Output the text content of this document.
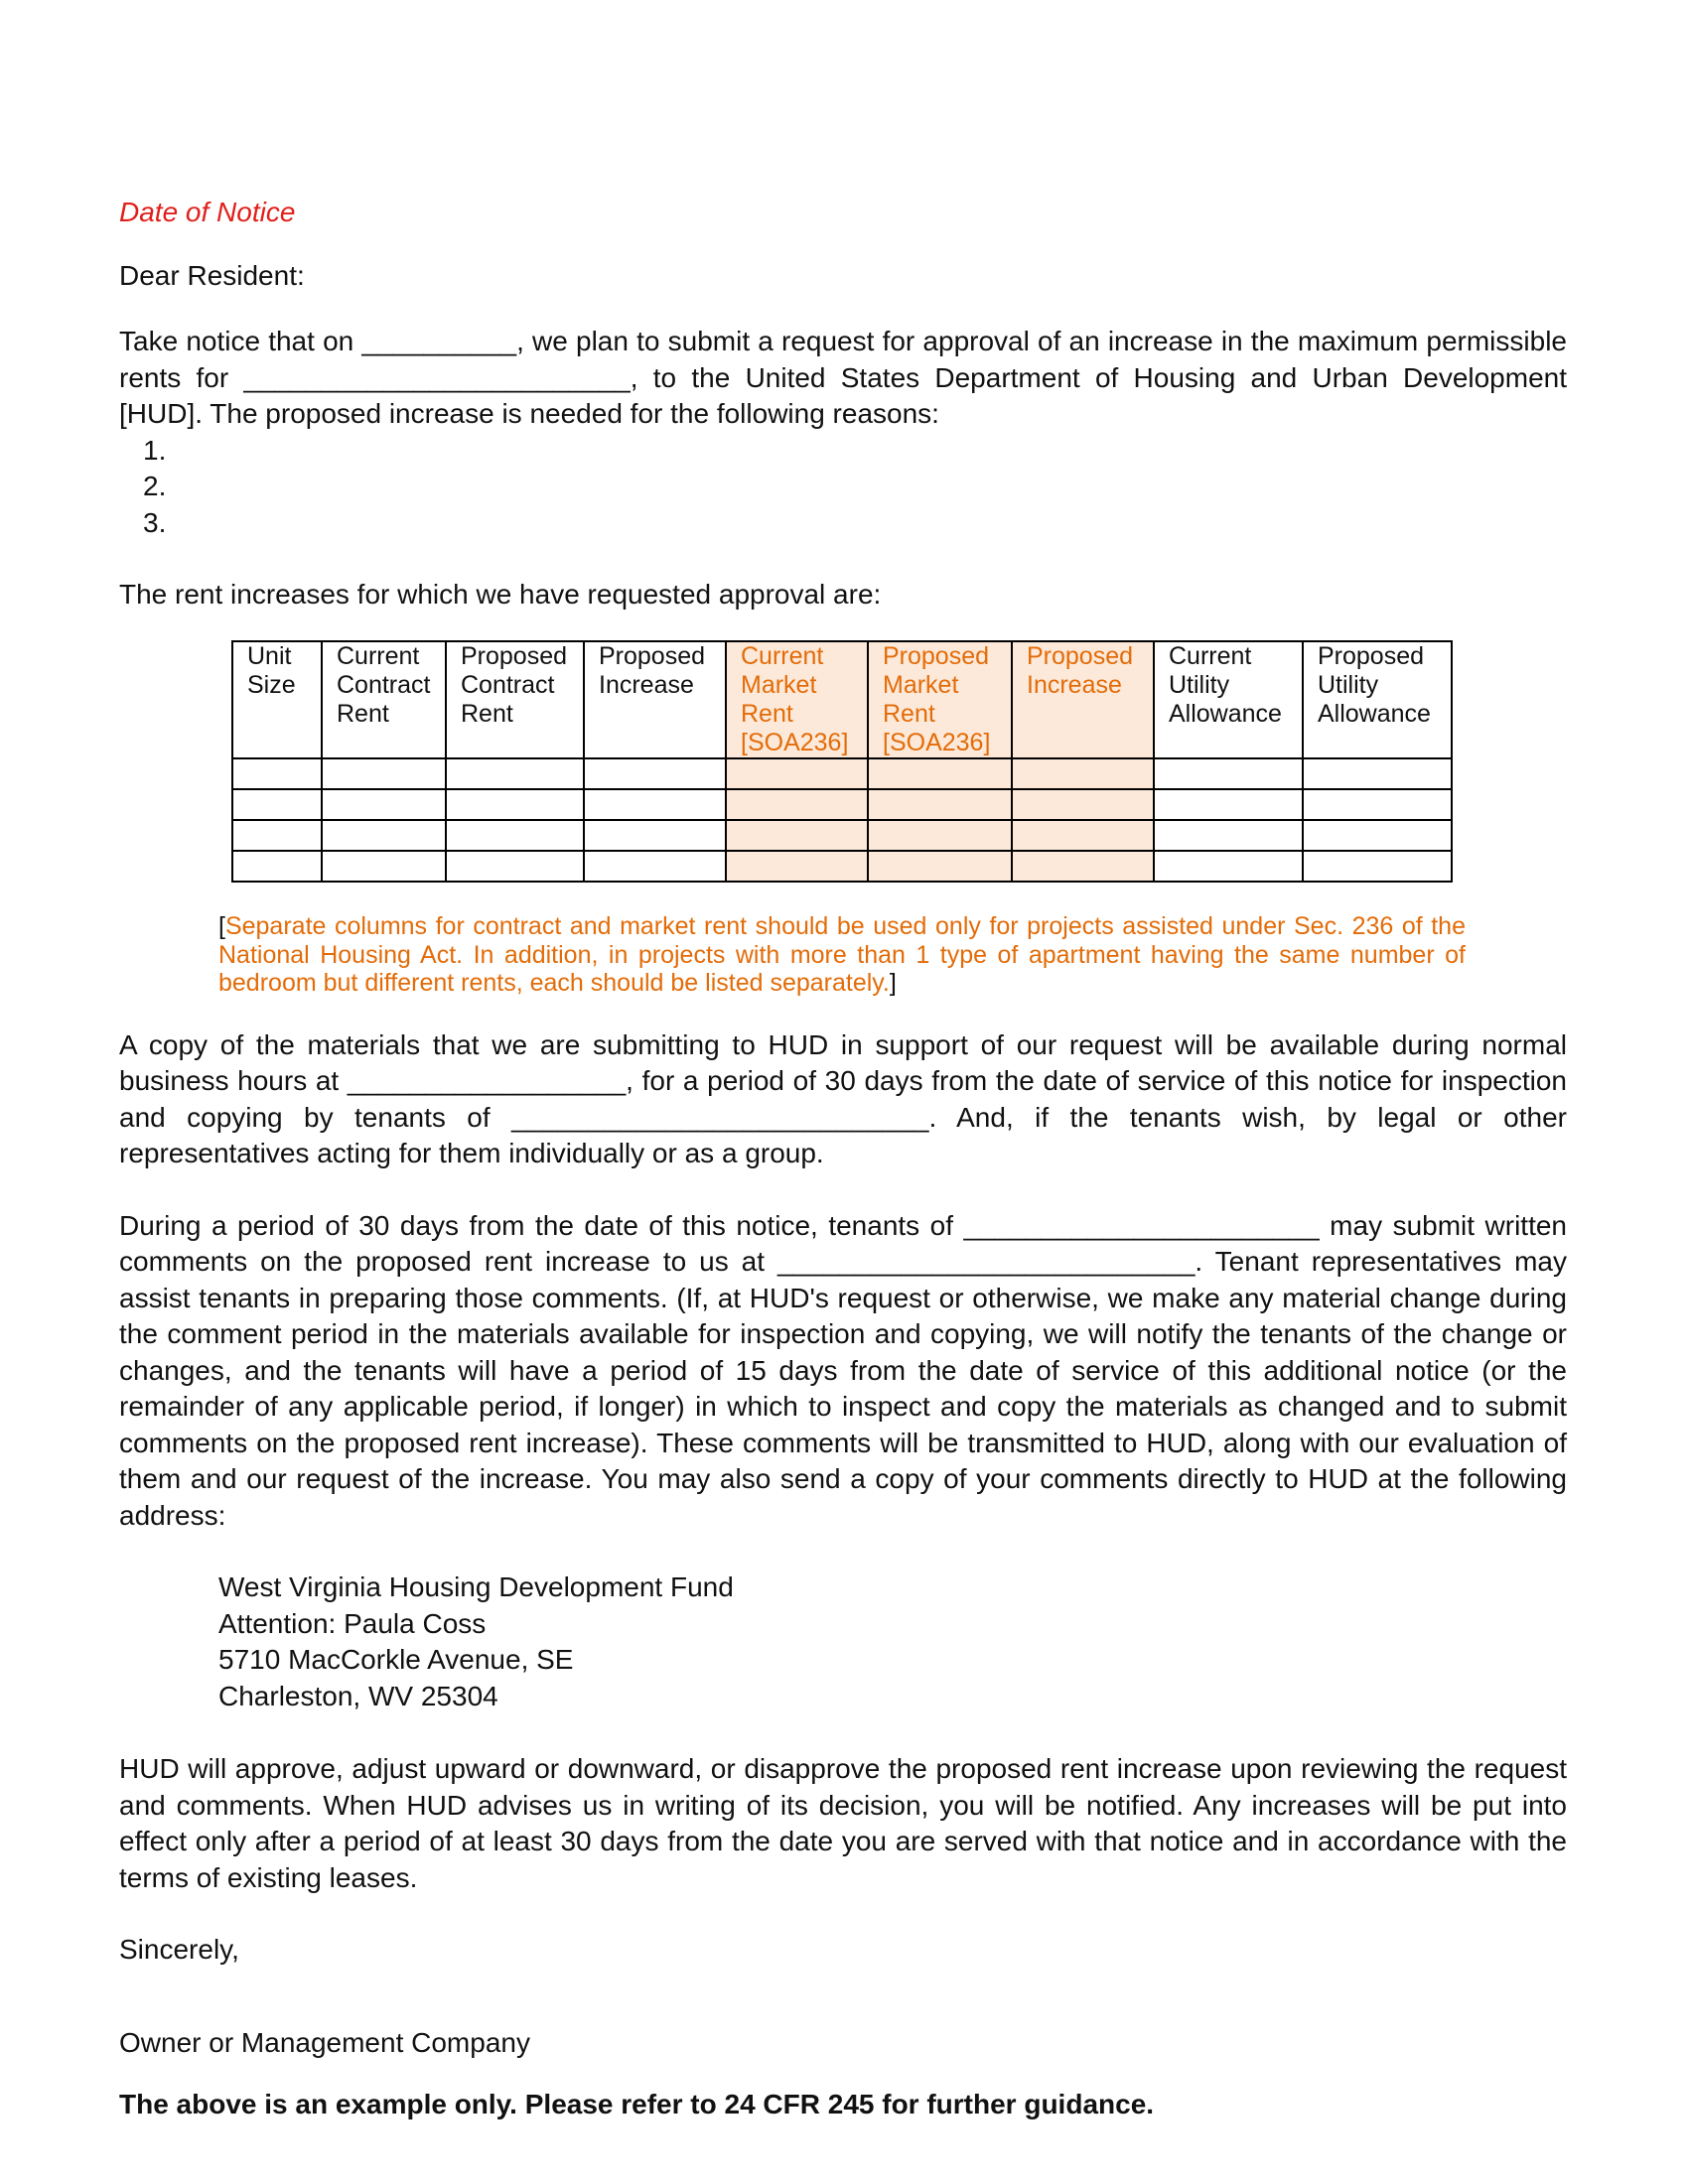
Date of Notice

Dear Resident:

Take notice that on __________, we plan to submit a request for approval of an increase in the maximum permissible rents for _________________________, to the United States Department of Housing and Urban Development [HUD]. The proposed increase is needed for the following reasons:

1.
2.
3.

The rent increases for which we have requested approval are:

Unit Size	Current Contract Rent	Proposed Contract Rent	Proposed Increase	Current Market Rent [SOA236]	Proposed Market Rent [SOA236]	Proposed Increase	Current Utility Allowance	Proposed Utility Allowance

[Separate columns for contract and market rent should be used only for projects assisted under Sec. 236 of the National Housing Act. In addition, in projects with more than 1 type of apartment having the same number of bedroom but different rents, each should be listed separately.]

A copy of the materials that we are submitting to HUD in support of our request will be available during normal business hours at __________________, for a period of 30 days from the date of service of this notice for inspection and copying by tenants of ___________________________. And, if the tenants wish, by legal or other representatives acting for them individually or as a group.

During a period of 30 days from the date of this notice, tenants of _______________________ may submit written comments on the proposed rent increase to us at ___________________________. Tenant representatives may assist tenants in preparing those comments. (If, at HUD's request or otherwise, we make any material change during the comment period in the materials available for inspection and copying, we will notify the tenants of the change or changes, and the tenants will have a period of 15 days from the date of service of this additional notice (or the remainder of any applicable period, if longer) in which to inspect and copy the materials as changed and to submit comments on the proposed rent increase). These comments will be transmitted to HUD, along with our evaluation of them and our request of the increase. You may also send a copy of your comments directly to HUD at the following address:

West Virginia Housing Development Fund
Attention: Paula Coss
5710 MacCorkle Avenue, SE
Charleston, WV 25304

HUD will approve, adjust upward or downward, or disapprove the proposed rent increase upon reviewing the request and comments. When HUD advises us in writing of its decision, you will be notified. Any increases will be put into effect only after a period of at least 30 days from the date you are served with that notice and in accordance with the terms of existing leases.

Sincerely,

Owner or Management Company

The above is an example only. Please refer to 24 CFR 245 for further guidance.
